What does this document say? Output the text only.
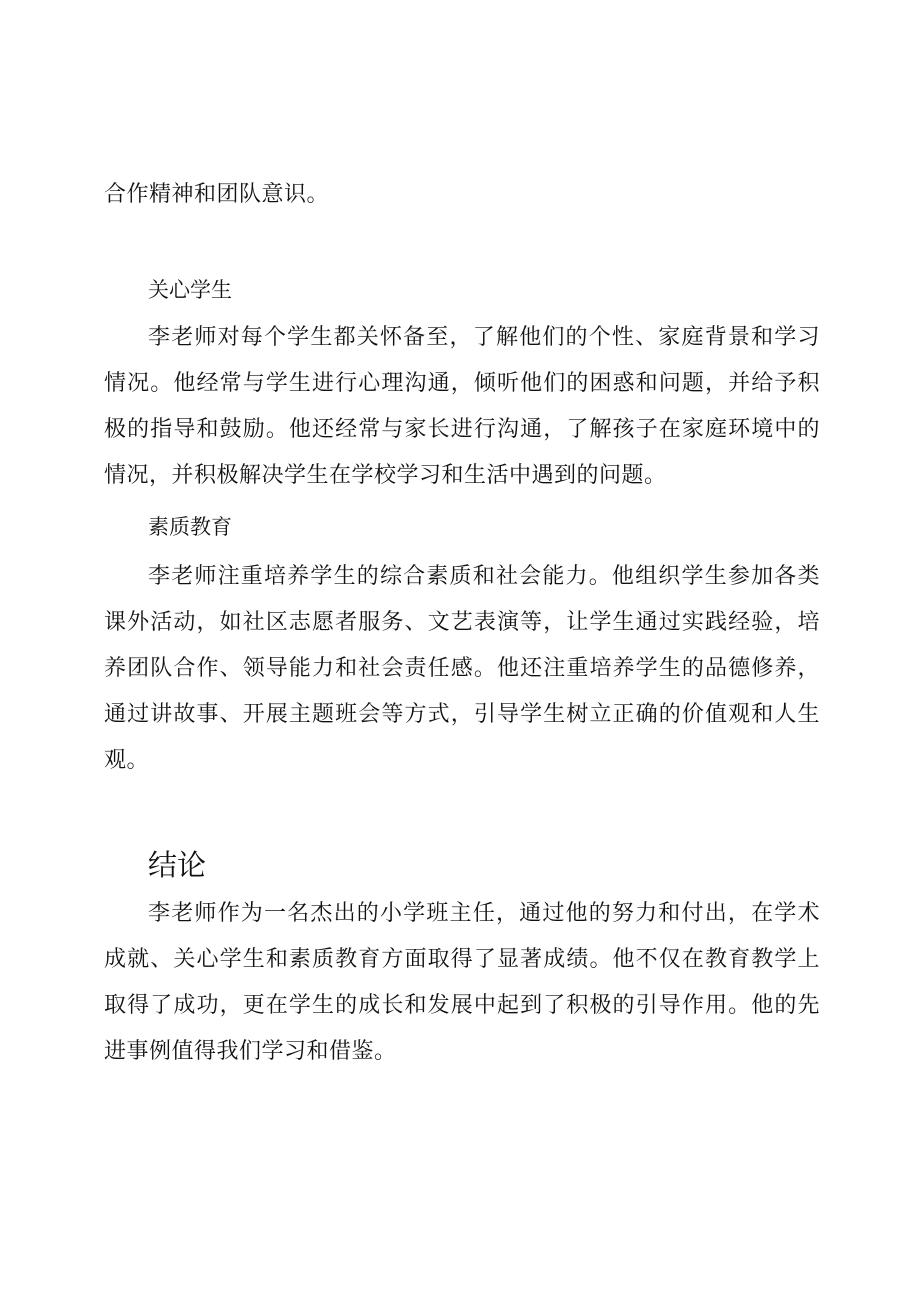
合作精神和团队意识。

关心学生

李老师对每个学生都关怀备至，了解他们的个性、家庭背景和学习情况。他经常与学生进行心理沟通，倾听他们的困惑和问题，并给予积极的指导和鼓励。他还经常与家长进行沟通，了解孩子在家庭环境中的情况，并积极解决学生在学校学习和生活中遇到的问题。

素质教育

李老师注重培养学生的综合素质和社会能力。他组织学生参加各类课外活动，如社区志愿者服务、文艺表演等，让学生通过实践经验，培养团队合作、领导能力和社会责任感。他还注重培养学生的品德修养，通过讲故事、开展主题班会等方式，引导学生树立正确的价值观和人生观。

结论

李老师作为一名杰出的小学班主任，通过他的努力和付出，在学术成就、关心学生和素质教育方面取得了显著成绩。他不仅在教育教学上取得了成功，更在学生的成长和发展中起到了积极的引导作用。他的先进事例值得我们学习和借鉴。
